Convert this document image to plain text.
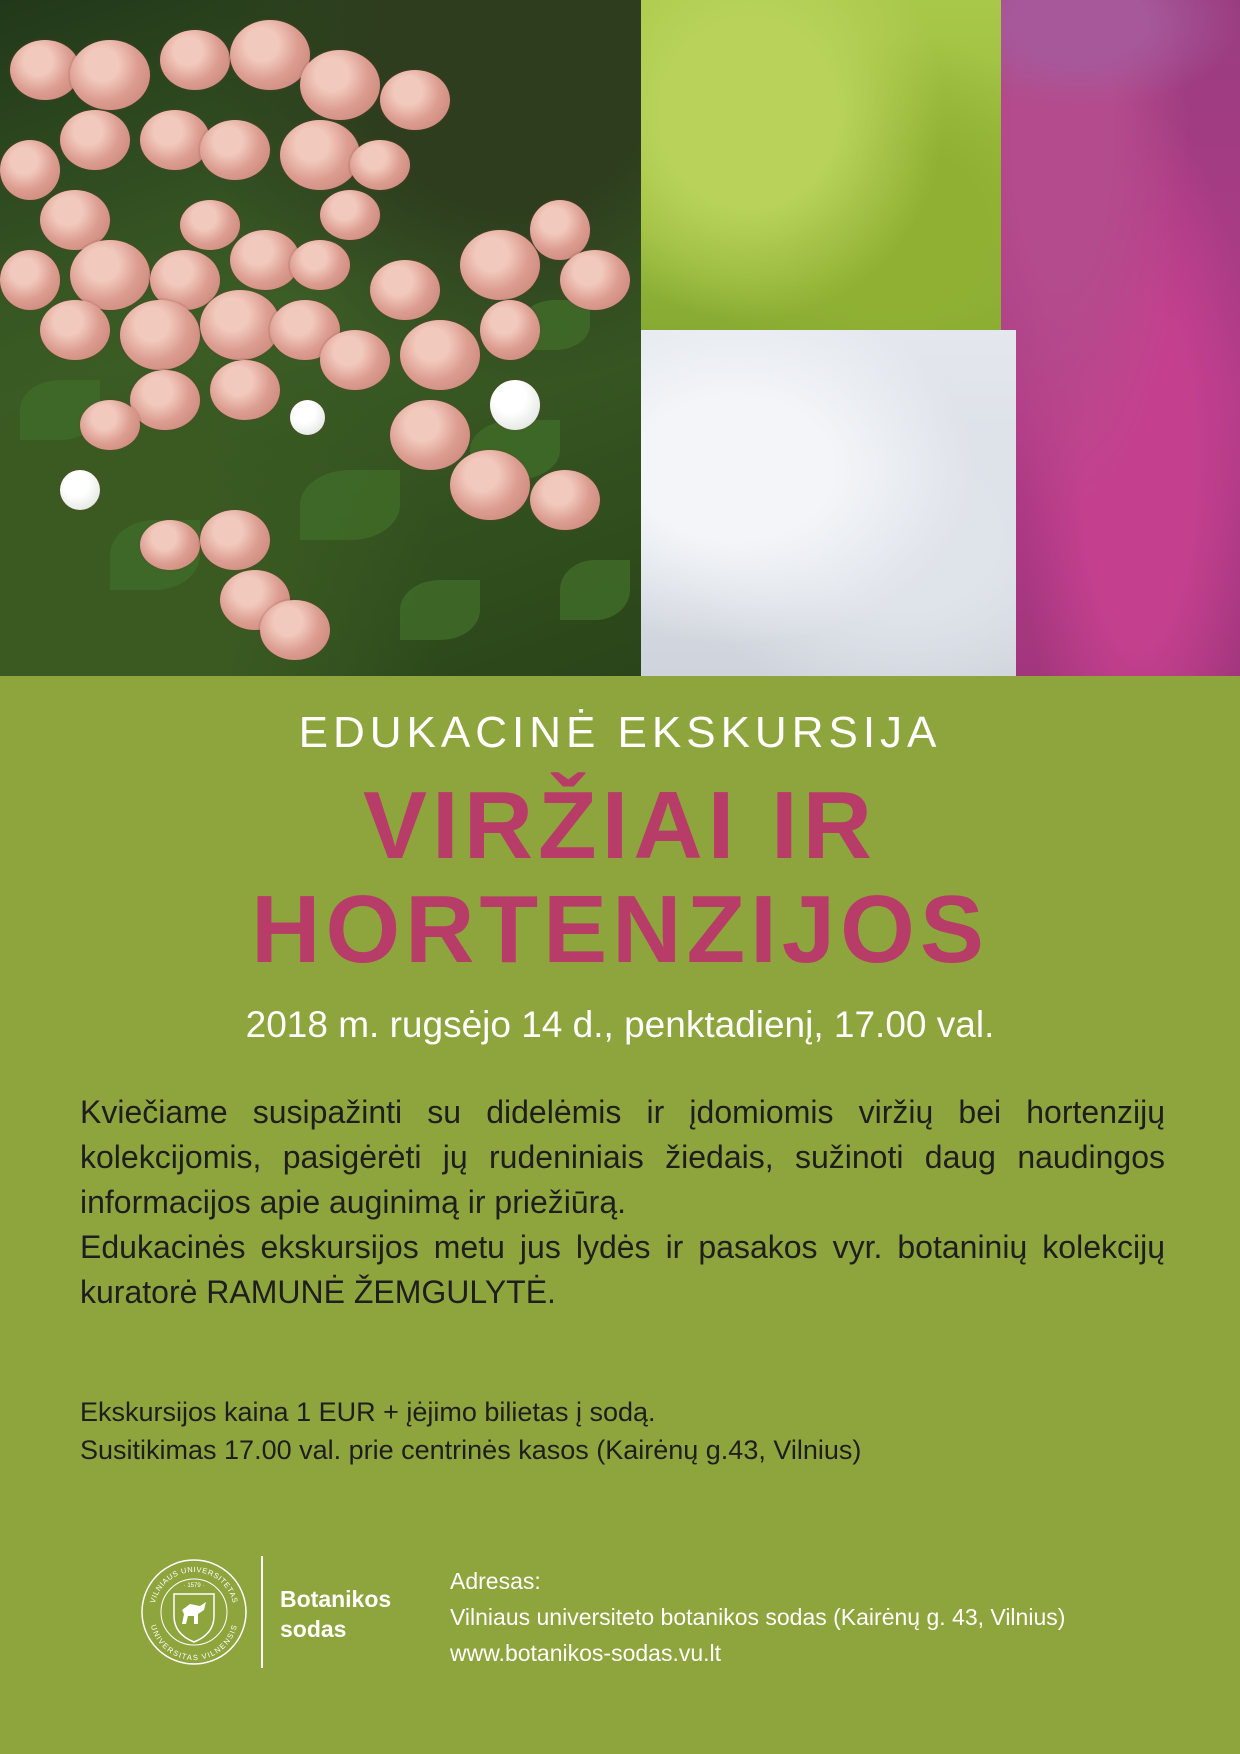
EDUKACINĖ EKSKURSIJA
VIRŽIAI IR
HORTENZIJOS
2018 m. rugsėjo 14 d., penktadienį, 17.00 val.

Kviečiame susipažinti su didelėmis ir įdomiomis viržių bei hortenzijų kolekcijomis, pasigėrėti jų rudeniniais žiedais, sužinoti daug naudingos informacijos apie auginimą ir priežiūrą.

Edukacinės ekskursijos metu jus lydės ir pasakos vyr. botaninių kolekcijų kuratorė RAMUNĖ ŽEMGULYTĖ.

Ekskursijos kaina 1 EUR + įėjimo bilietas į sodą.

Susitikimas 17.00 val. prie centrinės kasos (Kairėnų g.43, Vilnius)

VILNIAUS UNIVERSITETAS
UNIVERSITAS VILNENSIS
· 1579 ·	Botanikos
sodas
Adresas:
Vilniaus universiteto botanikos sodas (Kairėnų g. 43, Vilnius)
www.botanikos-sodas.vu.lt
